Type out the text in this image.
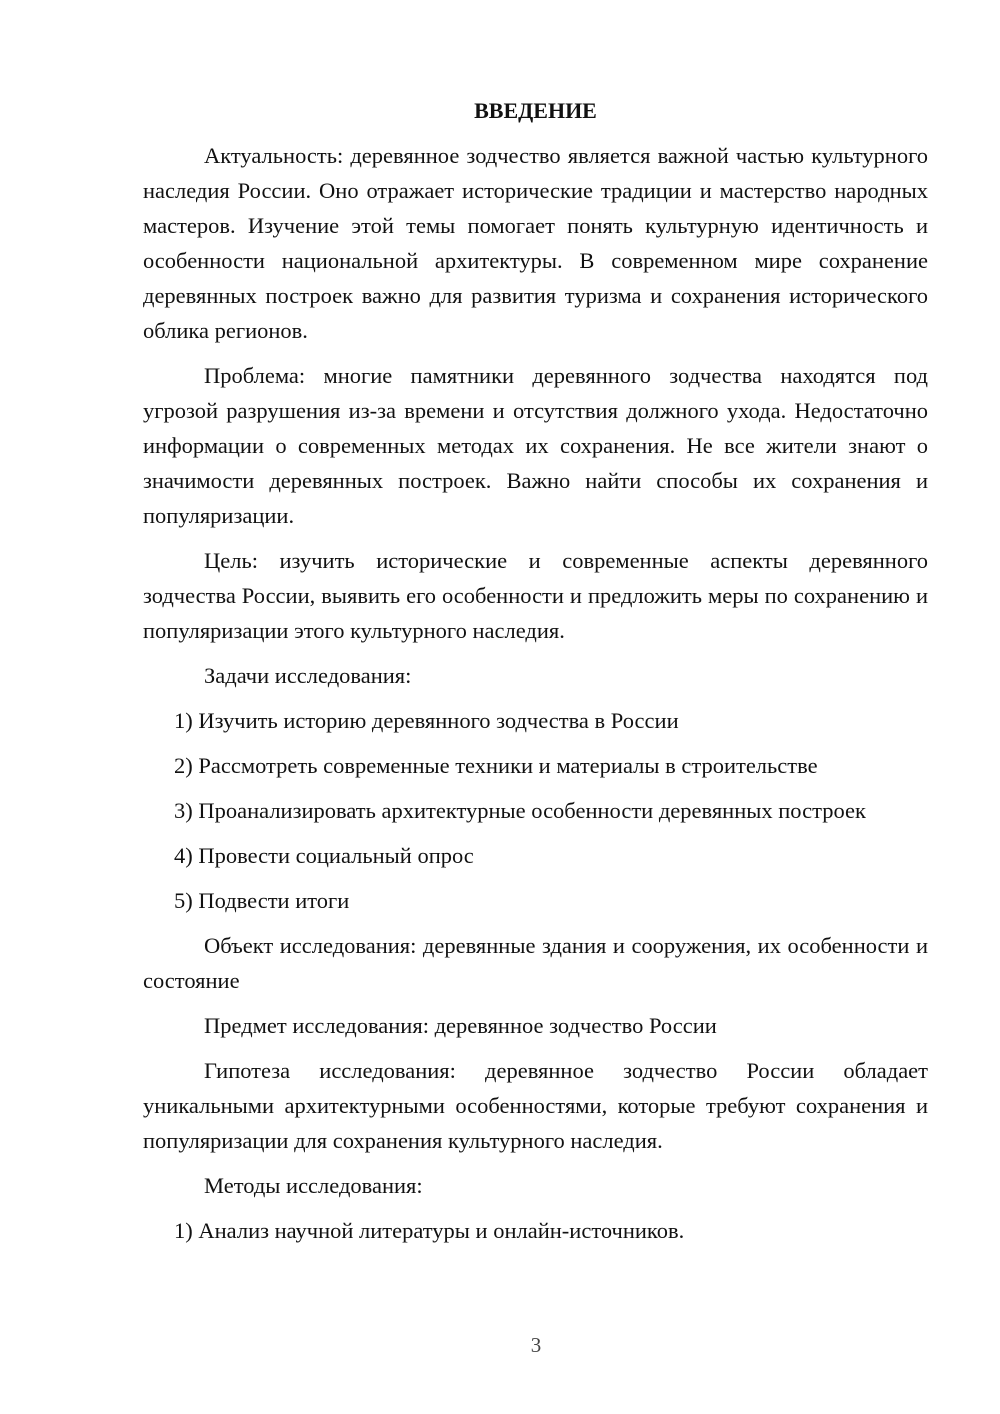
ВВЕДЕНИЕ
Актуальность: деревянное зодчество является важной частью культурного наследия России. Оно отражает исторические традиции и мастерство народных мастеров. Изучение этой темы помогает понять культурную идентичность и особенности национальной архитектуры. В современном мире сохранение деревянных построек важно для развития туризма и сохранения исторического облика регионов.
Проблема: многие памятники деревянного зодчества находятся под угрозой разрушения из-за времени и отсутствия должного ухода. Недостаточно информации о современных методах их сохранения. Не все жители знают о значимости деревянных построек. Важно найти способы их сохранения и популяризации.
Цель: изучить исторические и современные аспекты деревянного зодчества России, выявить его особенности и предложить меры по сохранению и популяризации этого культурного наследия.
Задачи исследования:
1) Изучить историю деревянного зодчества в России
2) Рассмотреть современные техники и материалы в строительстве
3) Проанализировать архитектурные особенности деревянных построек
4) Провести социальный опрос
5) Подвести итоги
Объект исследования: деревянные здания и сооружения, их особенности и состояние
Предмет исследования: деревянное зодчество России
Гипотеза исследования: деревянное зодчество России обладает уникальными архитектурными особенностями, которые требуют сохранения и популяризации для сохранения культурного наследия.
Методы исследования:
1) Анализ научной литературы и онлайн-источников.
3
